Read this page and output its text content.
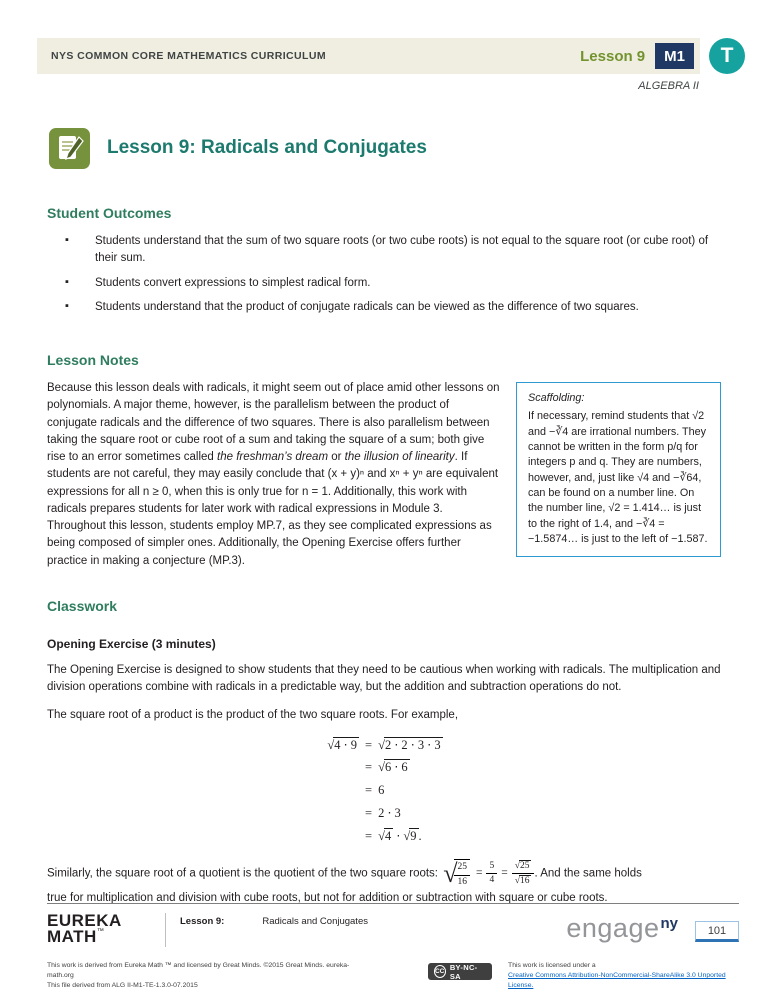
NYS COMMON CORE MATHEMATICS CURRICULUM	Lesson 9	M1	T
ALGEBRA II
Lesson 9: Radicals and Conjugates
Student Outcomes
▪ Students understand that the sum of two square roots (or two cube roots) is not equal to the square root (or cube root) of their sum.
▪ Students convert expressions to simplest radical form.
▪ Students understand that the product of conjugate radicals can be viewed as the difference of two squares.
Lesson Notes
Scaffolding:
If necessary, remind students that √2 and −∛4 are irrational numbers. They cannot be written in the form p/q for integers p and q. They are numbers, however, and, just like √4 and −∛64, can be found on a number line. On the number line, √2 = 1.414… is just to the right of 1.4, and −∛4 = −1.5874… is just to the left of −1.587.

Because this lesson deals with radicals, it might seem out of place amid other lessons on polynomials. A major theme, however, is the parallelism between the product of conjugate radicals and the difference of two squares. There is also parallelism between taking the square root or cube root of a sum and taking the square of a sum; both give rise to an error sometimes called the freshman’s dream or the illusion of linearity. If students are not careful, they may easily conclude that (x + y)ⁿ and xⁿ + yⁿ are equivalent expressions for all n ≥ 0, when this is only true for n = 1. Additionally, this work with radicals prepares students for later work with radical expressions in Module 3. Throughout this lesson, students employ MP.7, as they see complicated expressions as being composed of simpler ones. Additionally, the Opening Exercise offers further practice in making a conjecture (MP.3).

Classwork
Opening Exercise (3 minutes)

The Opening Exercise is designed to show students that they need to be cautious when working with radicals. The multiplication and division operations combine with radicals in a predictable way, but the addition and subtraction operations do not.

The square root of a product is the product of the two square roots. For example,

√4 ⋅ 9 = √2 ⋅ 2 ⋅ 3 ⋅ 3
= √6 ⋅ 6
= 6
= 2 ⋅ 3
= √4 ⋅ √9 .

Similarly, the square root of a quotient is the quotient of the two square roots: √
$\frac{25}{16} = \frac{5}{4} = \frac{√25}{√16}$ . And the same holds

true for multiplication and division with cube roots, but not for addition or subtraction with square or cube roots.

EUREKA
MATH™
Lesson 9:	Radicals and Conjugates	engageny	101
This work is derived from Eureka Math ™ and licensed by Great Minds. ©2015 Great Minds. eureka-math.org
This file derived from ALG II-M1-TE-1.3.0-07.2015
CC BY-NC-SA
This work is licensed under a
Creative Commons Attribution-NonCommercial-ShareAlike 3.0 Unported License.
